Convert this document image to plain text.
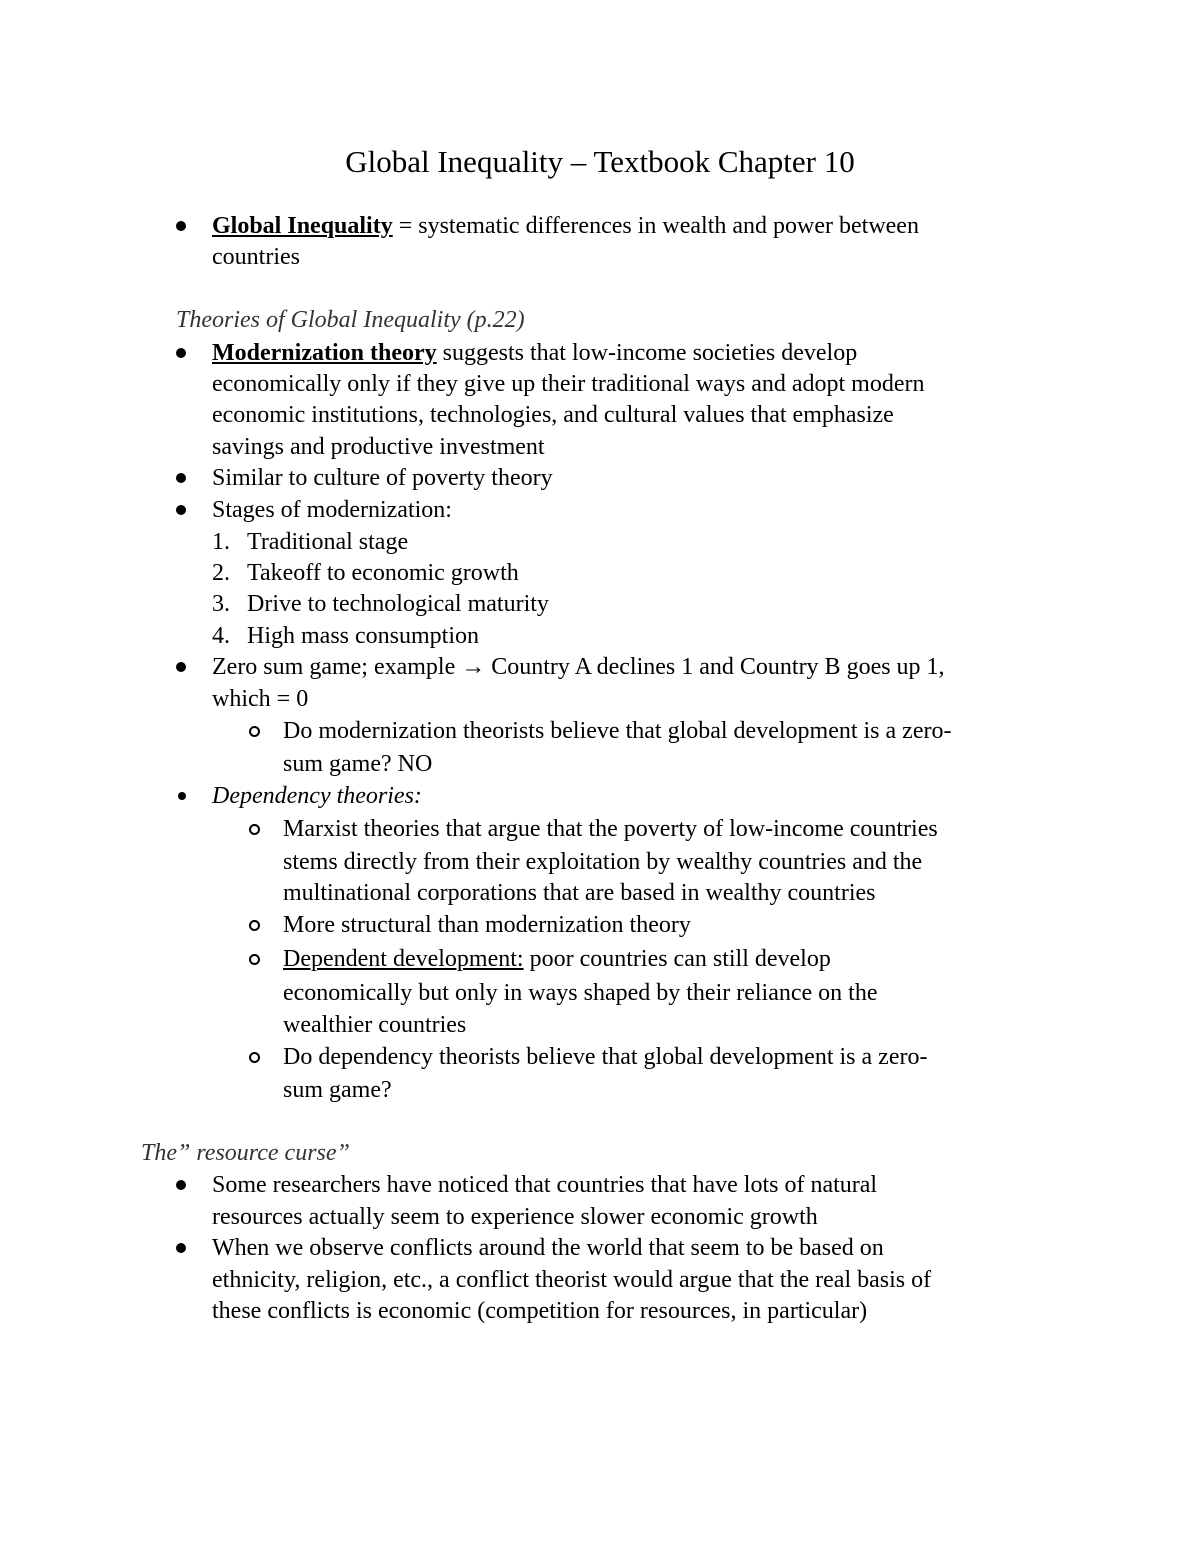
Global Inequality – Textbook Chapter 10
Global Inequality = systematic differences in wealth and power between
countries
Theories of Global Inequality (p.22)
Modernization theory suggests that low-income societies develop
economically only if they give up their traditional ways and adopt modern
economic institutions, technologies, and cultural values that emphasize
savings and productive investment
Similar to culture of poverty theory
Stages of modernization:
1. Traditional stage
2. Takeoff to economic growth
3. Drive to technological maturity
4. High mass consumption
Zero sum game; example → Country A declines 1 and Country B goes up 1,
which = 0
Do modernization theorists believe that global development is a zero-
sum game? NO
Dependency theories:
Marxist theories that argue that the poverty of low-income countries
stems directly from their exploitation by wealthy countries and the
multinational corporations that are based in wealthy countries
More structural than modernization theory
Dependent development: poor countries can still develop
economically but only in ways shaped by their reliance on the
wealthier countries
Do dependency theorists believe that global development is a zero-
sum game?
The” resource curse”
Some researchers have noticed that countries that have lots of natural
resources actually seem to experience slower economic growth
When we observe conflicts around the world that seem to be based on
ethnicity, religion, etc., a conflict theorist would argue that the real basis of
these conflicts is economic (competition for resources, in particular)
